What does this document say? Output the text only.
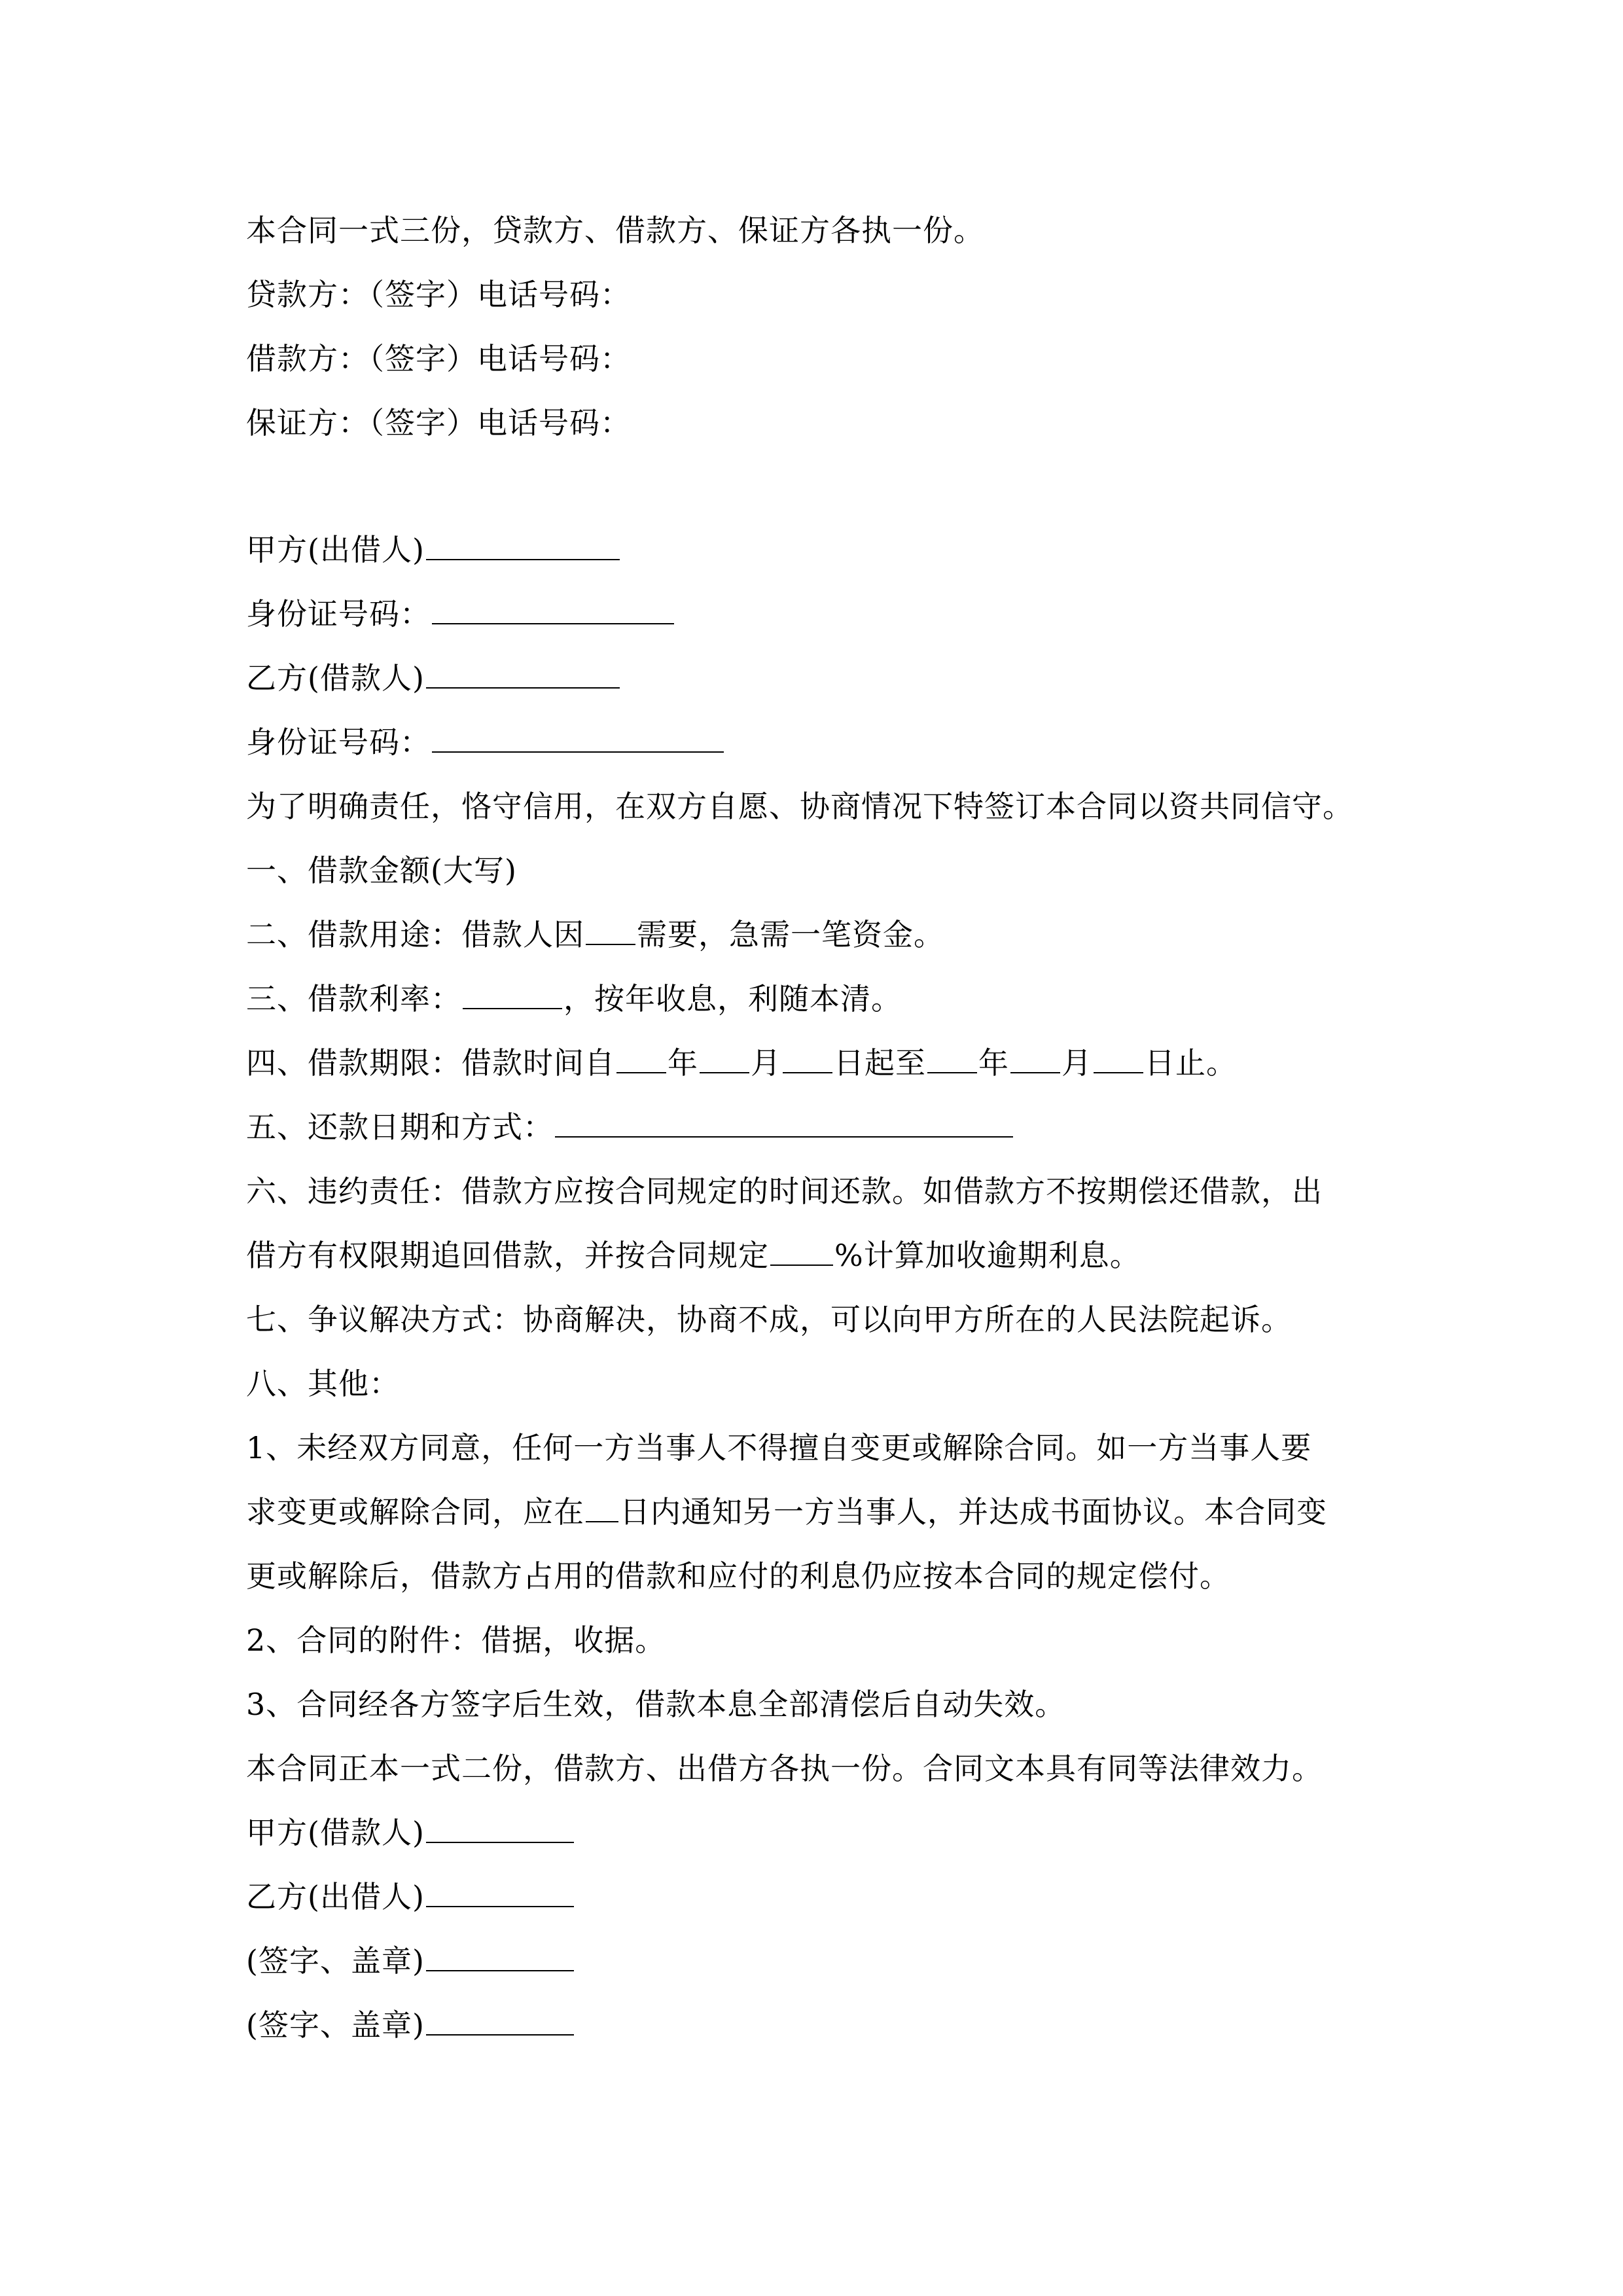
本合同一式三份，贷款方、借款方、保证方各执一份。
贷款方：（签字）电话号码：
借款方：（签字）电话号码：
保证方：（签字）电话号码：
甲方(出借人)
身份证号码：
乙方(借款人)
身份证号码：
为了明确责任，恪守信用，在双方自愿、协商情况下特签订本合同以资共同信守。
一、借款金额(大写)
二、借款用途：借款人因 需要，急需一笔资金。
三、借款利率：	，按年收息，利随本清。
四、借款期限：借款时间自 年 月 日起至 年 月 日止。
五、还款日期和方式：
六、违约责任：借款方应按合同规定的时间还款。如借款方不按期偿还借款，出
借方有权限期追回借款，并按合同规定 %计算加收逾期利息。
七、争议解决方式：协商解决，协商不成，可以向甲方所在的人民法院起诉。
八、其他：
1、未经双方同意，任何一方当事人不得擅自变更或解除合同。如一方当事人要
求变更或解除合同，应在 日内通知另一方当事人，并达成书面协议。本合同变
更或解除后，借款方占用的借款和应付的利息仍应按本合同的规定偿付。
2、合同的附件：借据，收据。
3、合同经各方签字后生效，借款本息全部清偿后自动失效。
本合同正本一式二份，借款方、出借方各执一份。合同文本具有同等法律效力。
甲方(借款人)
乙方(出借人)
(签字、盖章)
(签字、盖章)
